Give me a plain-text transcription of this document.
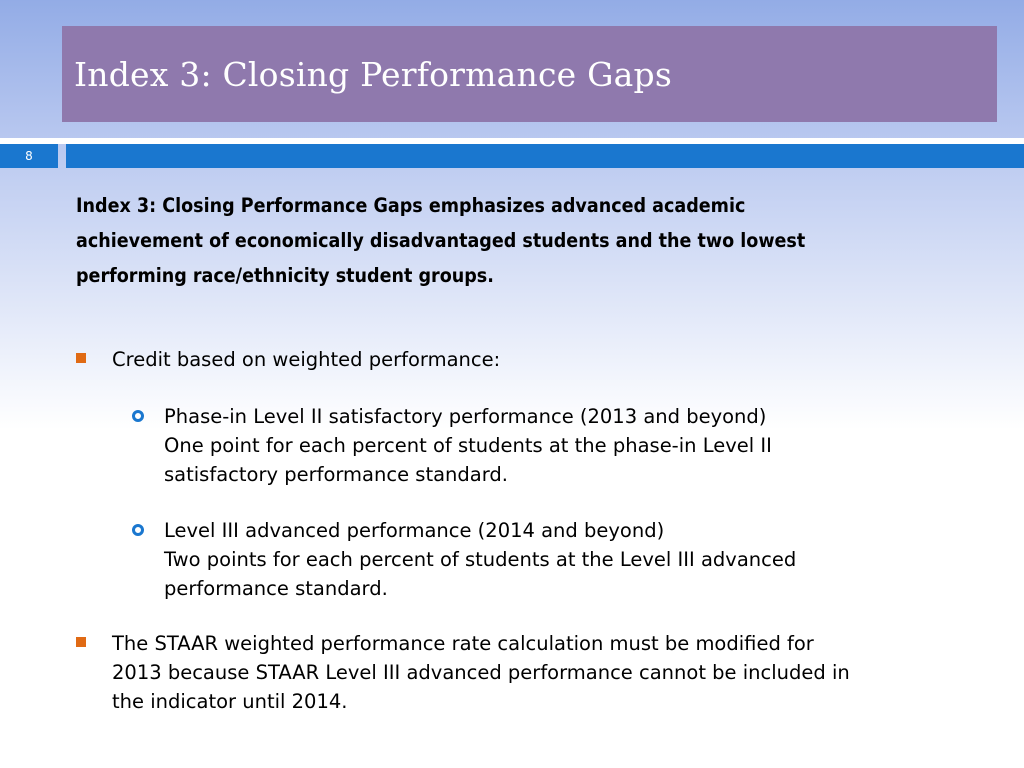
Index 3: Closing Performance Gaps
8
Index 3: Closing Performance Gaps emphasizes advanced academic
achievement of economically disadvantaged students and the two lowest
performing race/ethnicity student groups.
Credit based on weighted performance:
Phase-in Level II satisfactory performance (2013 and beyond)
One point for each percent of students at the phase-in Level II
satisfactory performance standard.
Level III advanced performance (2014 and beyond)
Two points for each percent of students at the Level III advanced
performance standard.
The STAAR weighted performance rate calculation must be modified for
2013 because STAAR Level III advanced performance cannot be included in
the indicator until 2014.
